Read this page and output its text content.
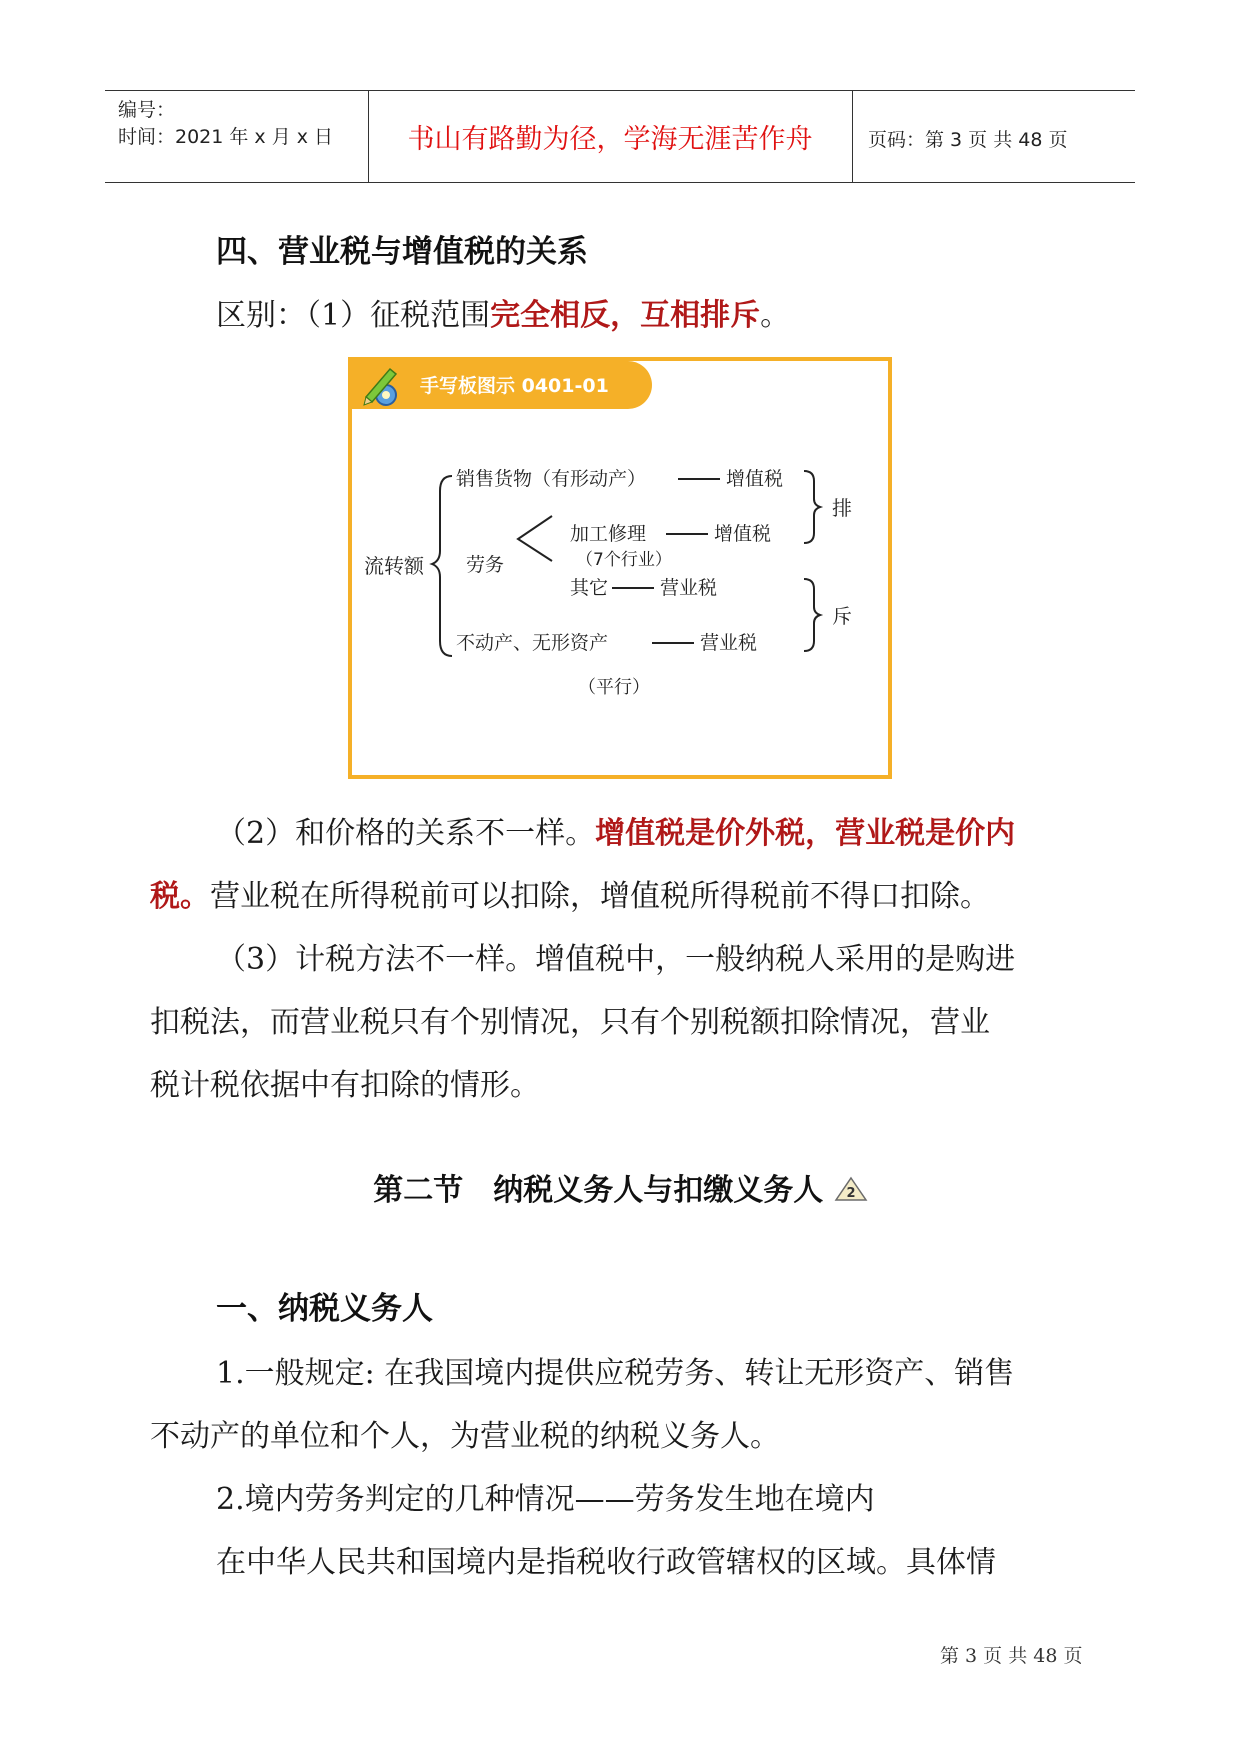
编号：
时间：2021 年 x 月 x 日	书山有路勤为径，学海无涯苦作舟	页码：第 3 页 共 48 页
四、营业税与增值税的关系
区别：（1）征税范围完全相反，互相排斥。
手写板图示 0401-01
流转额
销售货物（有形动产）	增值税
劳务
加工修理	增值税
（7个行业）
其它	营业税
不动产、无形资产	营业税
（平行）
排
斥
（2）和价格的关系不一样。增值税是价外税，营业税是价内
税。营业税在所得税前可以扣除，增值税所得税前不得口扣除。
（3）计税方法不一样。增值税中，一般纳税人采用的是购进
扣税法，而营业税只有个别情况，只有个别税额扣除情况，营业
税计税依据中有扣除的情形。
第二节　纳税义务人与扣缴义务人 2
一、纳税义务人
1.一般规定: 在我国境内提供应税劳务、转让无形资产、销售
不动产的单位和个人，为营业税的纳税义务人。
2.境内劳务判定的几种情况——劳务发生地在境内
在中华人民共和国境内是指税收行政管辖权的区域。具体情
第 3 页 共 48 页
